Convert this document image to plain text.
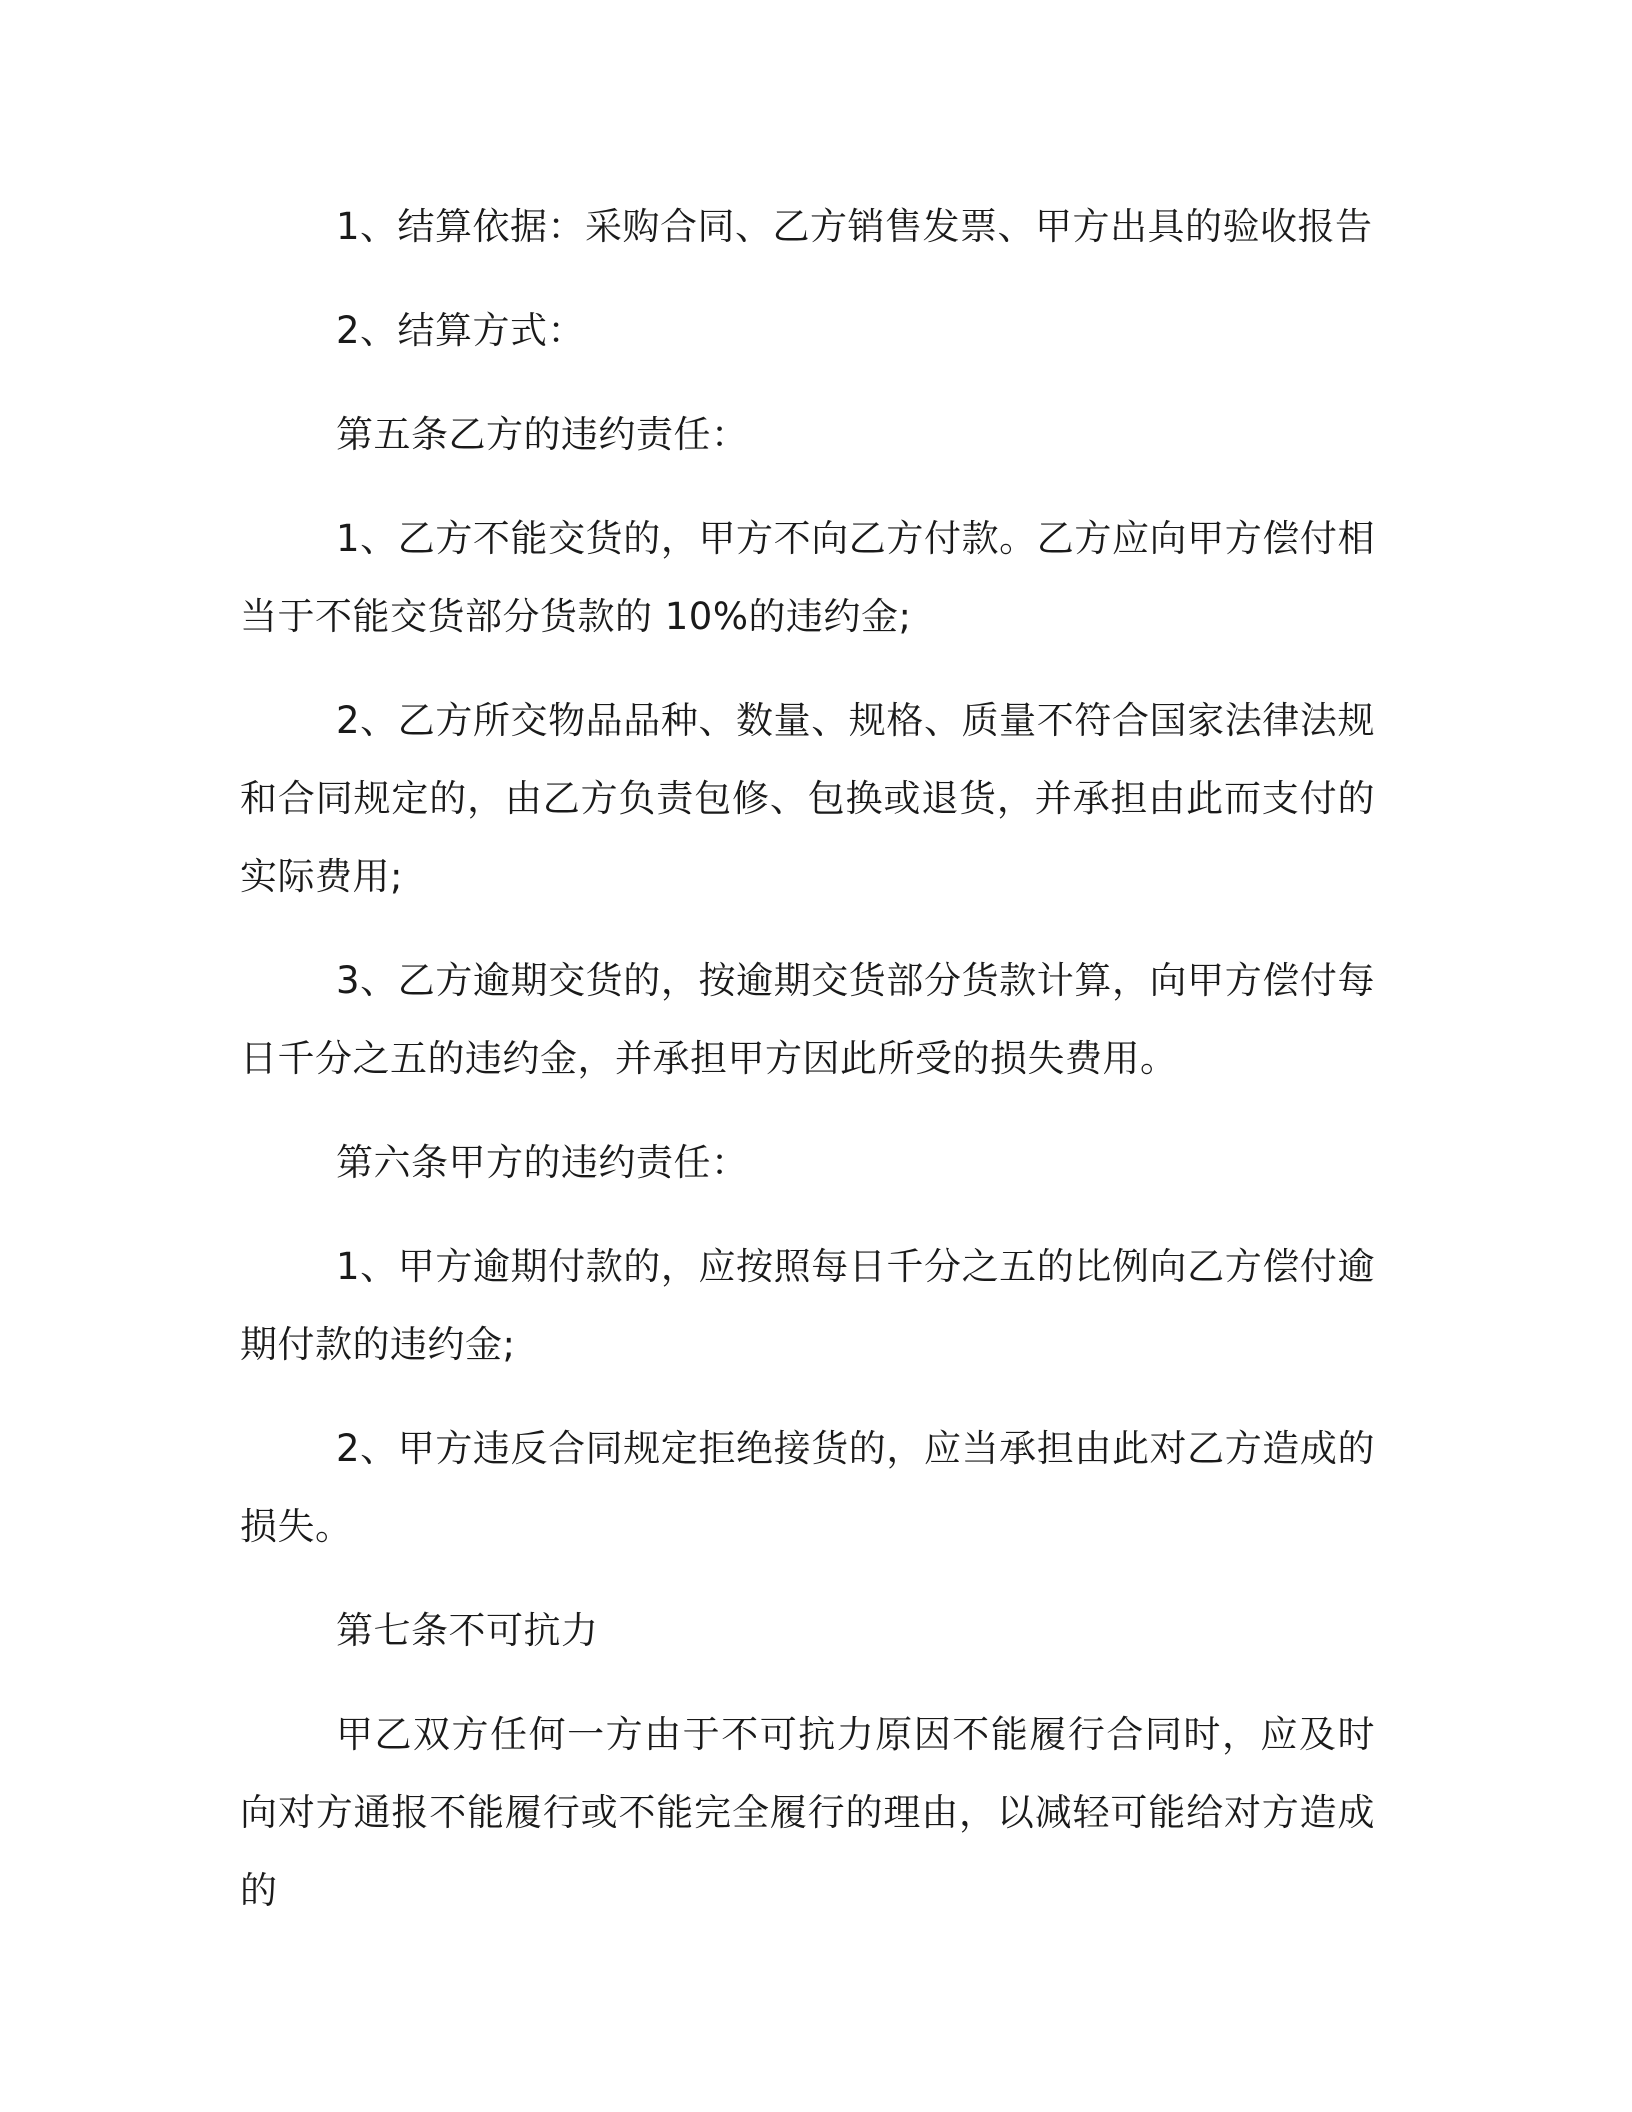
1、结算依据：采购合同、乙方销售发票、甲方出具的验收报告

2、结算方式：

第五条乙方的违约责任：

1、乙方不能交货的，甲方不向乙方付款。乙方应向甲方偿付相当于不能交货部分货款的 10%的违约金;

2、乙方所交物品品种、数量、规格、质量不符合国家法律法规和合同规定的，由乙方负责包修、包换或退货，并承担由此而支付的实际费用;

3、乙方逾期交货的，按逾期交货部分货款计算，向甲方偿付每日千分之五的违约金，并承担甲方因此所受的损失费用。

第六条甲方的违约责任：

1、甲方逾期付款的，应按照每日千分之五的比例向乙方偿付逾期付款的违约金;

2、甲方违反合同规定拒绝接货的，应当承担由此对乙方造成的损失。

第七条不可抗力

甲乙双方任何一方由于不可抗力原因不能履行合同时，应及时向对方通报不能履行或不能完全履行的理由，以减轻可能给对方造成的
